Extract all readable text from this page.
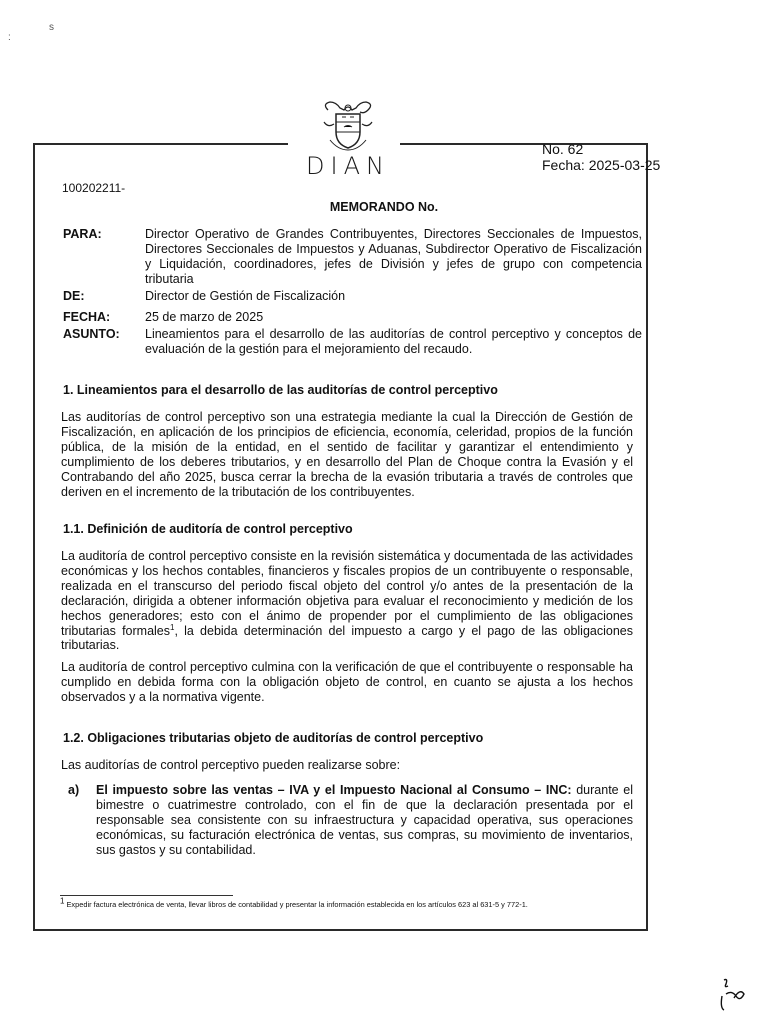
:
s
DIAN
No. 62
Fecha: 2025-03-25
100202211-
MEMORANDO No.
PARA:	Director Operativo de Grandes Contribuyentes, Directores Seccionales de Impuestos, Directores Seccionales de Impuestos y Aduanas, Subdirector Operativo de Fiscalización y Liquidación, coordinadores, jefes de División y jefes de grupo con competencia tributaria
DE:	Director de Gestión de Fiscalización
FECHA:	25 de marzo de 2025
ASUNTO: Lineamientos para el desarrollo de las auditorías de control perceptivo y conceptos de evaluación de la gestión para el mejoramiento del recaudo.
1. Lineamientos para el desarrollo de las auditorías de control perceptivo
Las auditorías de control perceptivo son una estrategia mediante la cual la Dirección de Gestión de Fiscalización, en aplicación de los principios de eficiencia, economía, celeridad, propios de la función pública, de la misión de la entidad, en el sentido de facilitar y garantizar el entendimiento y cumplimiento de los deberes tributarios, y en desarrollo del Plan de Choque contra la Evasión y el Contrabando del año 2025, busca cerrar la brecha de la evasión tributaria a través de controles que deriven en el incremento de la tributación de los contribuyentes.
1.1. Definición de auditoría de control perceptivo
La auditoría de control perceptivo consiste en la revisión sistemática y documentada de las actividades económicas y los hechos contables, financieros y fiscales propios de un contribuyente o responsable, realizada en el transcurso del periodo fiscal objeto del control y/o antes de la presentación de la declaración, dirigida a obtener información objetiva para evaluar el reconocimiento y medición de los hechos generadores; esto con el ánimo de propender por el cumplimiento de las obligaciones tributarias formales$^1$, la debida determinación del impuesto a cargo y el pago de las obligaciones tributarias.
La auditoría de control perceptivo culmina con la verificación de que el contribuyente o responsable ha cumplido en debida forma con la obligación objeto de control, en cuanto se ajusta a los hechos observados y a la normativa vigente.
1.2. Obligaciones tributarias objeto de auditorías de control perceptivo
Las auditorías de control perceptivo pueden realizarse sobre:
a) El impuesto sobre las ventas – IVA y el Impuesto Nacional al Consumo – INC: durante el bimestre o cuatrimestre controlado, con el fin de que la declaración presentada por el responsable sea consistente con su infraestructura y capacidad operativa, sus operaciones económicas, su facturación electrónica de ventas, sus compras, su movimiento de inventarios, sus gastos y su contabilidad.
$^1$ Expedir factura electrónica de venta, llevar libros de contabilidad y presentar la información establecida en los artículos 623 al 631-5 y 772-1.
